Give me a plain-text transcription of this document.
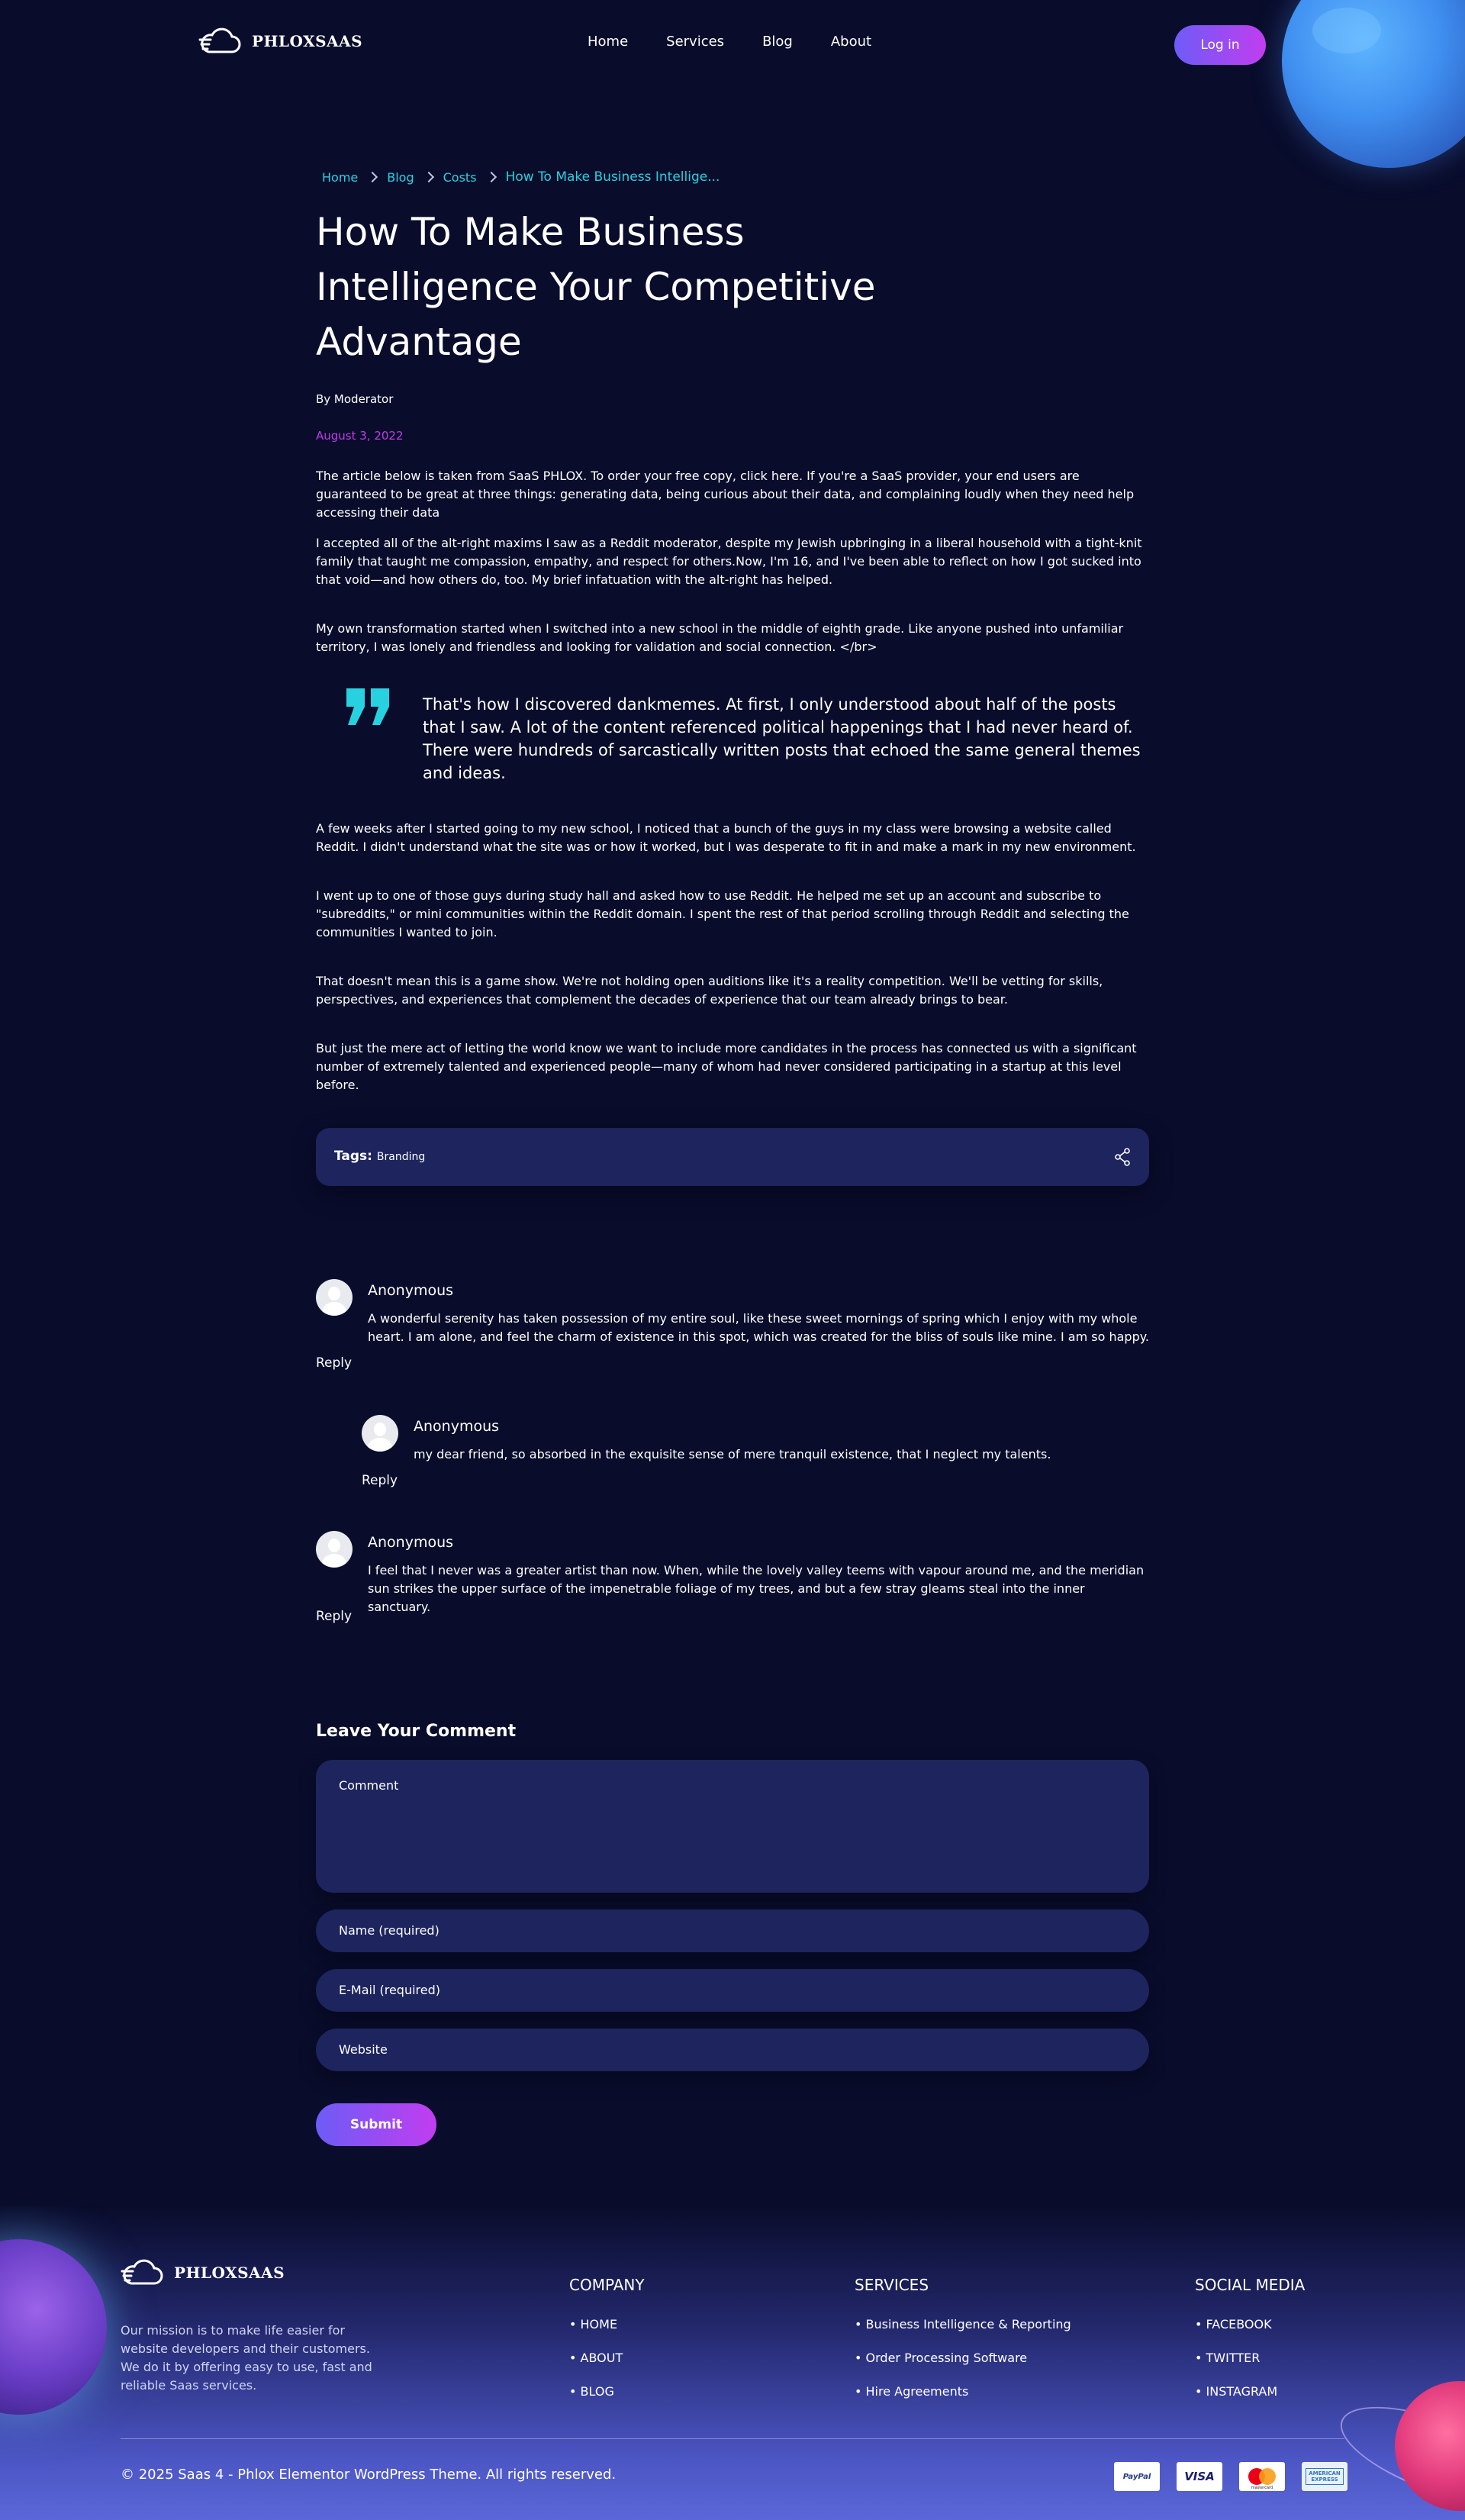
PHLOXSAAS	Home	Services	Blog	About	Log in
Home Blog Costs How To Make Business Intellige...
How To Make Business Intelligence Your Competitive Advantage
By Moderator
August 3, 2022

The article below is taken from SaaS PHLOX. To order your free copy, click here. If you're a SaaS provider, your end users are guaranteed to be great at three things: generating data, being curious about their data, and complaining loudly when they need help accessing their data

I accepted all of the alt-right maxims I saw as a Reddit moderator, despite my Jewish upbringing in a liberal household with a tight-knit family that taught me compassion, empathy, and respect for others.Now, I'm 16, and I've been able to reflect on how I got sucked into that void—and how others do, too. My brief infatuation with the alt-right has helped.

My own transformation started when I switched into a new school in the middle of eighth grade. Like anyone pushed into unfamiliar territory, I was lonely and friendless and looking for validation and social connection. </br>

That's how I discovered dankmemes. At first, I only understood about half of the posts that I saw. A lot of the content referenced political happenings that I had never heard of. There were hundreds of sarcastically written posts that echoed the same general themes and ideas.

A few weeks after I started going to my new school, I noticed that a bunch of the guys in my class were browsing a website called Reddit. I didn't understand what the site was or how it worked, but I was desperate to fit in and make a mark in my new environment.

I went up to one of those guys during study hall and asked how to use Reddit. He helped me set up an account and subscribe to "subreddits," or mini communities within the Reddit domain. I spent the rest of that period scrolling through Reddit and selecting the communities I wanted to join.

That doesn't mean this is a game show. We're not holding open auditions like it's a reality competition. We'll be vetting for skills, perspectives, and experiences that complement the decades of experience that our team already brings to bear.

But just the mere act of letting the world know we want to include more candidates in the process has connected us with a significant number of extremely talented and experienced people—many of whom had never considered participating in a startup at this level before.

Tags: Branding
Anonymous

A wonderful serenity has taken possession of my entire soul, like these sweet mornings of spring which I enjoy with my whole heart. I am alone, and feel the charm of existence in this spot, which was created for the bliss of souls like mine. I am so happy.

Reply
Anonymous

my dear friend, so absorbed in the exquisite sense of mere tranquil existence, that I neglect my talents.

Reply
Anonymous

I feel that I never was a greater artist than now. When, while the lovely valley teems with vapour around me, and the meridian sun strikes the upper surface of the impenetrable foliage of my trees, and but a few stray gleams steal into the inner sanctuary.

Reply
Leave Your Comment
Comment
Name (required)
E-Mail (required)
Website
Submit
PHLOXSAAS

Our mission is to make life easier for website developers and their customers. We do it by offering easy to use, fast and reliable Saas services.

COMPANY
• HOME
• ABOUT
• BLOG
SERVICES
• Business Intelligence & Reporting
• Order Processing Software
• Hire Agreements
SOCIAL MEDIA
• FACEBOOK
• TWITTER
• INSTAGRAM
© 2025 Saas 4 - Phlox Elementor WordPress Theme. All rights reserved.	PayPal	VISA
mastercard
AMERICAN EXPRESS
